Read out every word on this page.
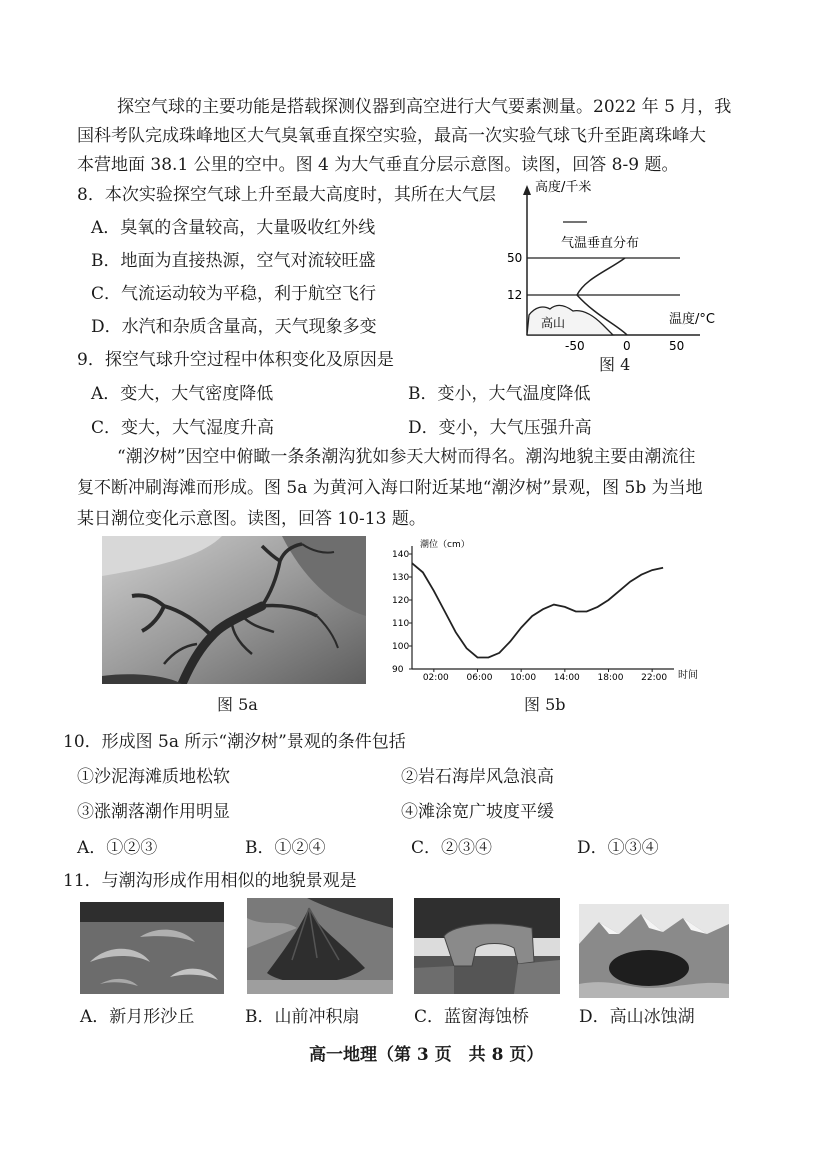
探空气球的主要功能是搭载探测仪器到高空进行大气要素测量。2022 年 5 月，我
国科考队完成珠峰地区大气臭氧垂直探空实验，最高一次实验气球飞升至距离珠峰大
本营地面 38.1 公里的空中。图 4 为大气垂直分层示意图。读图，回答 8-9 题。
8．本次实验探空气球上升至最大高度时，其所在大气层
A．臭氧的含量较高，大量吸收红外线
B．地面为直接热源，空气对流较旺盛
C．气流运动较为平稳，利于航空飞行
D．水汽和杂质含量高，天气现象多变
高度/千米
气温垂直分布
50
12
高山	温度/°C
-50	0	50
图 4
9．探空气球升空过程中体积变化及原因是
A．变大，大气密度降低	B．变小，大气温度降低
C．变大，大气湿度升高	D．变小，大气压强升高
“潮汐树”因空中俯瞰一条条潮沟犹如参天大树而得名。潮沟地貌主要由潮流往
复不断冲刷海滩而形成。图 5a 为黄河入海口附近某地“潮汐树”景观，图 5b 为当地
某日潮位变化示意图。读图，回答 10-13 题。
图 5a
140
130
120
110
100
90
02:00 06:00 10:00 14:00 18:00 22:00
潮位（cm）
时间
图 5b
10．形成图 5a 所示“潮汐树”景观的条件包括
①沙泥海滩质地松软	②岩石海岸风急浪高
③涨潮落潮作用明显	④滩涂宽广坡度平缓
A．①②③	B．①②④	C．②③④	D．①③④
11．与潮沟形成作用相似的地貌景观是
A．新月形沙丘	B．山前冲积扇	C．蓝窗海蚀桥	D．高山冰蚀湖
高一地理（第 3 页　共 8 页）
